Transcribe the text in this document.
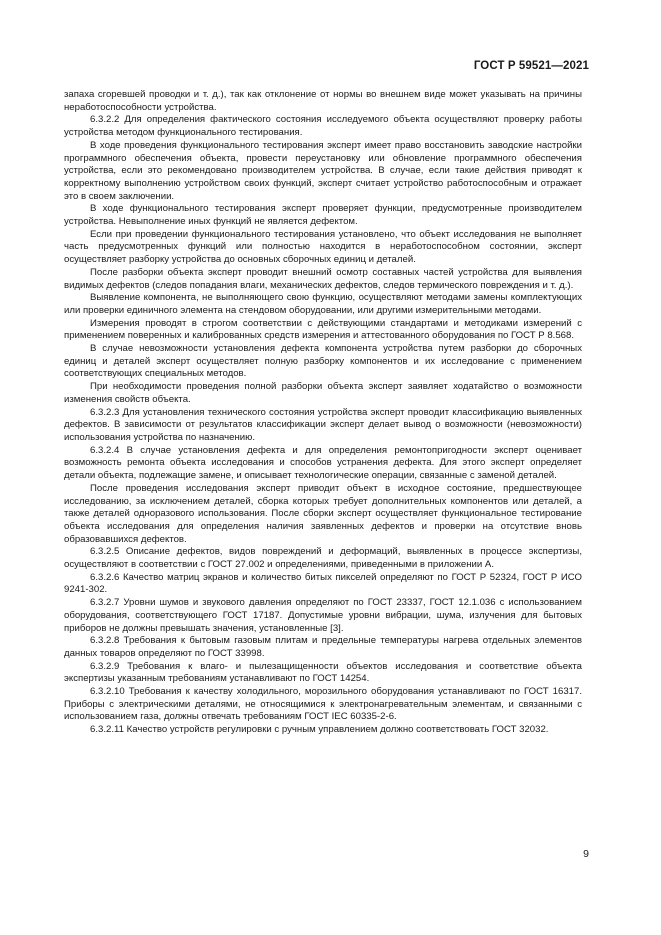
ГОСТ Р 59521—2021

запаха сгоревшей проводки и т. д.), так как отклонение от нормы во внешнем виде может указывать на причины неработоспособности устройства.

6.3.2.2 Для определения фактического состояния исследуемого объекта осуществляют проверку работы устройства методом функционального тестирования.

В ходе проведения функционального тестирования эксперт имеет право восстановить заводские настройки программного обеспечения объекта, провести переустановку или обновление программного обеспечения устройства, если это рекомендовано производителем устройства. В случае, если такие действия приводят к корректному выполнению устройством своих функций, эксперт считает устройство работоспособным и отражает это в своем заключении.

В ходе функционального тестирования эксперт проверяет функции, предусмотренные производителем устройства. Невыполнение иных функций не является дефектом.

Если при проведении функционального тестирования установлено, что объект исследования не выполняет часть предусмотренных функций или полностью находится в неработоспособном состоянии, эксперт осуществляет разборку устройства до основных сборочных единиц и деталей.

После разборки объекта эксперт проводит внешний осмотр составных частей устройства для выявления видимых дефектов (следов попадания влаги, механических дефектов, следов термического повреждения и т. д.).

Выявление компонента, не выполняющего свою функцию, осуществляют методами замены комплектующих или проверки единичного элемента на стендовом оборудовании, или другими измерительными методами.

Измерения проводят в строгом соответствии с действующими стандартами и методиками измерений с применением поверенных и калиброванных средств измерения и аттестованного оборудования по ГОСТ Р 8.568.

В случае невозможности установления дефекта компонента устройства путем разборки до сборочных единиц и деталей эксперт осуществляет полную разборку компонентов и их исследование с применением соответствующих специальных методов.

При необходимости проведения полной разборки объекта эксперт заявляет ходатайство о возможности изменения свойств объекта.

6.3.2.3 Для установления технического состояния устройства эксперт проводит классификацию выявленных дефектов. В зависимости от результатов классификации эксперт делает вывод о возможности (невозможности) использования устройства по назначению.

6.3.2.4 В случае установления дефекта и для определения ремонтопригодности эксперт оценивает возможность ремонта объекта исследования и способов устранения дефекта. Для этого эксперт определяет детали объекта, подлежащие замене, и описывает технологические операции, связанные с заменой деталей.

После проведения исследования эксперт приводит объект в исходное состояние, предшествующее исследованию, за исключением деталей, сборка которых требует дополнительных компонентов или деталей, а также деталей одноразового использования. После сборки эксперт осуществляет функциональное тестирование объекта исследования для определения наличия заявленных дефектов и проверки на отсутствие вновь образовавшихся дефектов.

6.3.2.5 Описание дефектов, видов повреждений и деформаций, выявленных в процессе экспертизы, осуществляют в соответствии с ГОСТ 27.002 и определениями, приведенными в приложении А.

6.3.2.6 Качество матриц экранов и количество битых пикселей определяют по ГОСТ Р 52324, ГОСТ Р ИСО 9241-302.

6.3.2.7 Уровни шумов и звукового давления определяют по ГОСТ 23337, ГОСТ 12.1.036 с использованием оборудования, соответствующего ГОСТ 17187. Допустимые уровни вибрации, шума, излучения для бытовых приборов не должны превышать значения, установленные [3].

6.3.2.8 Требования к бытовым газовым плитам и предельные температуры нагрева отдельных элементов данных товаров определяют по ГОСТ 33998.

6.3.2.9 Требования к влаго- и пылезащищенности объектов исследования и соответствие объекта экспертизы указанным требованиям устанавливают по ГОСТ 14254.

6.3.2.10 Требования к качеству холодильного, морозильного оборудования устанавливают по ГОСТ 16317. Приборы с электрическими деталями, не относящимися к электронагревательным элементам, и связанными с использованием газа, должны отвечать требованиям ГОСТ IEC 60335-2-6.

6.3.2.11 Качество устройств регулировки с ручным управлением должно соответствовать ГОСТ 32032.

9
